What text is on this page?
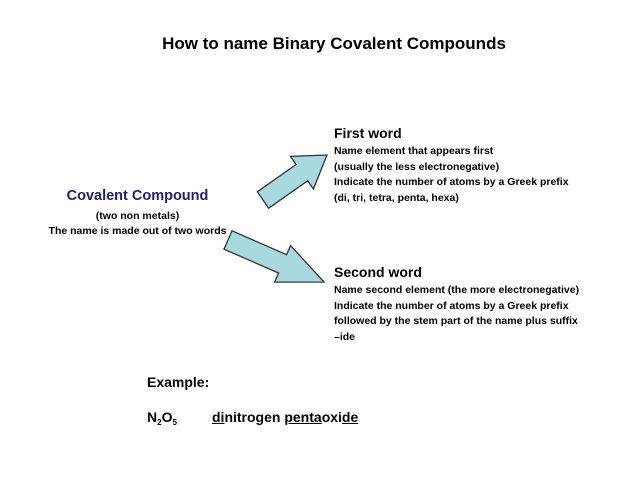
How to name Binary Covalent Compounds
Covalent Compound
(two non metals)
The name is made out of two words
First word
Name element that appears first
(usually the less electronegative)
Indicate the number of atoms by a Greek prefix
(di, tri, tetra, penta, hexa)
Second word
Name second element (the more electronegative)
Indicate the number of atoms by a Greek prefix
followed by the stem part of the name plus suffix
–ide
Example:
$N_2O_5$	dinitrogen pentaoxide
